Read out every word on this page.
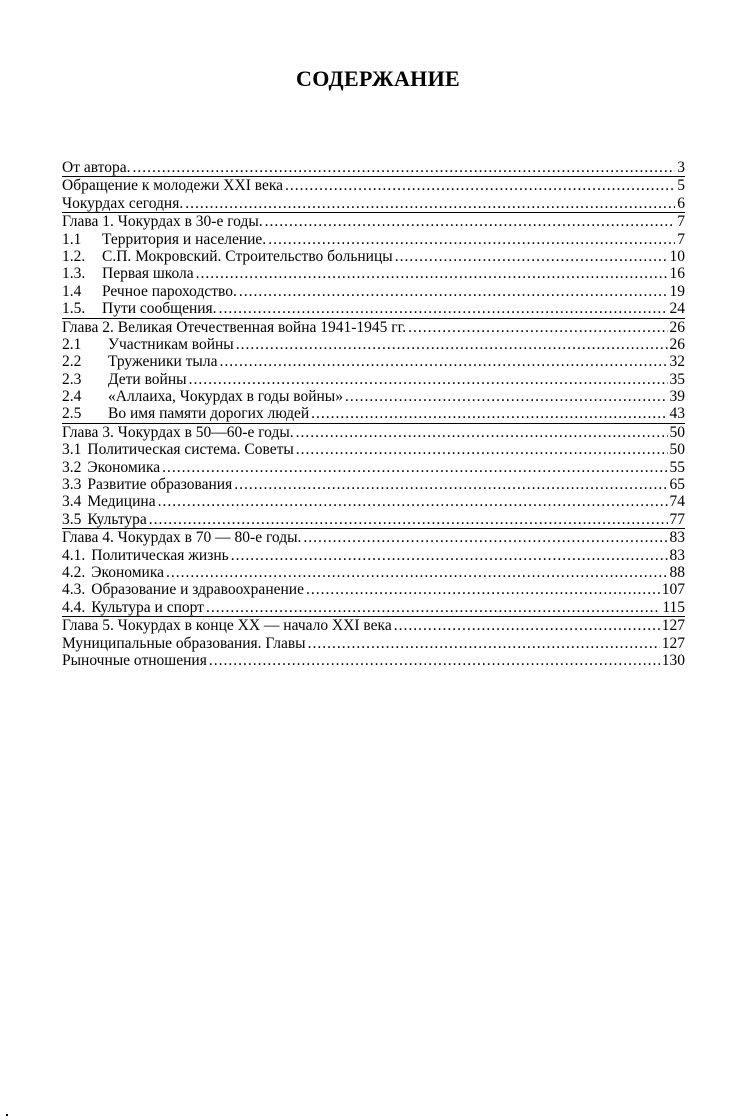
СОДЕРЖАНИЕ
От автора. .....	3
Обращение к молодежи XXI века .....	5
Чокурдах сегодня. .....	6
Глава 1. Чокурдах в 30-е годы. .....	7
1.1	Территория и население. .....	7
1.2.	С.П. Мокровский. Строительство больницы .....	10
1.3.	Первая школа .....	16
1.4	Речное пароходство. .....	19
1.5.	Пути сообщения. .....	24
Глава 2. Великая Отечественная война 1941-1945 гг. .....	26
2.1	Участникам войны .....	26
2.2	Труженики тыла .....	32
2.3	Дети войны .....	35
2.4	«Аллаиха, Чокурдах в годы войны» .....	39
2.5	Во имя памяти дорогих людей .....	43
Глава 3. Чокурдах в 50—60-е годы. .....	50
3.1 Политическая система. Советы .....	50
3.2 Экономика .....	55
3.3 Развитие образования .....	65
3.4 Медицина .....	74
3.5 Культура .....	77
Глава 4. Чокурдах в 70 — 80-е годы. .....	83
4.1. Политическая жизнь .....	83
4.2. Экономика .....	88
4.3. Образование и здравоохранение .....	107
4.4. Культура и спорт .....	115
Глава 5. Чокурдах в конце XX — начало XXI века .....	127
Муниципальные образования. Главы .....	127
Рыночные отношения .....	130
